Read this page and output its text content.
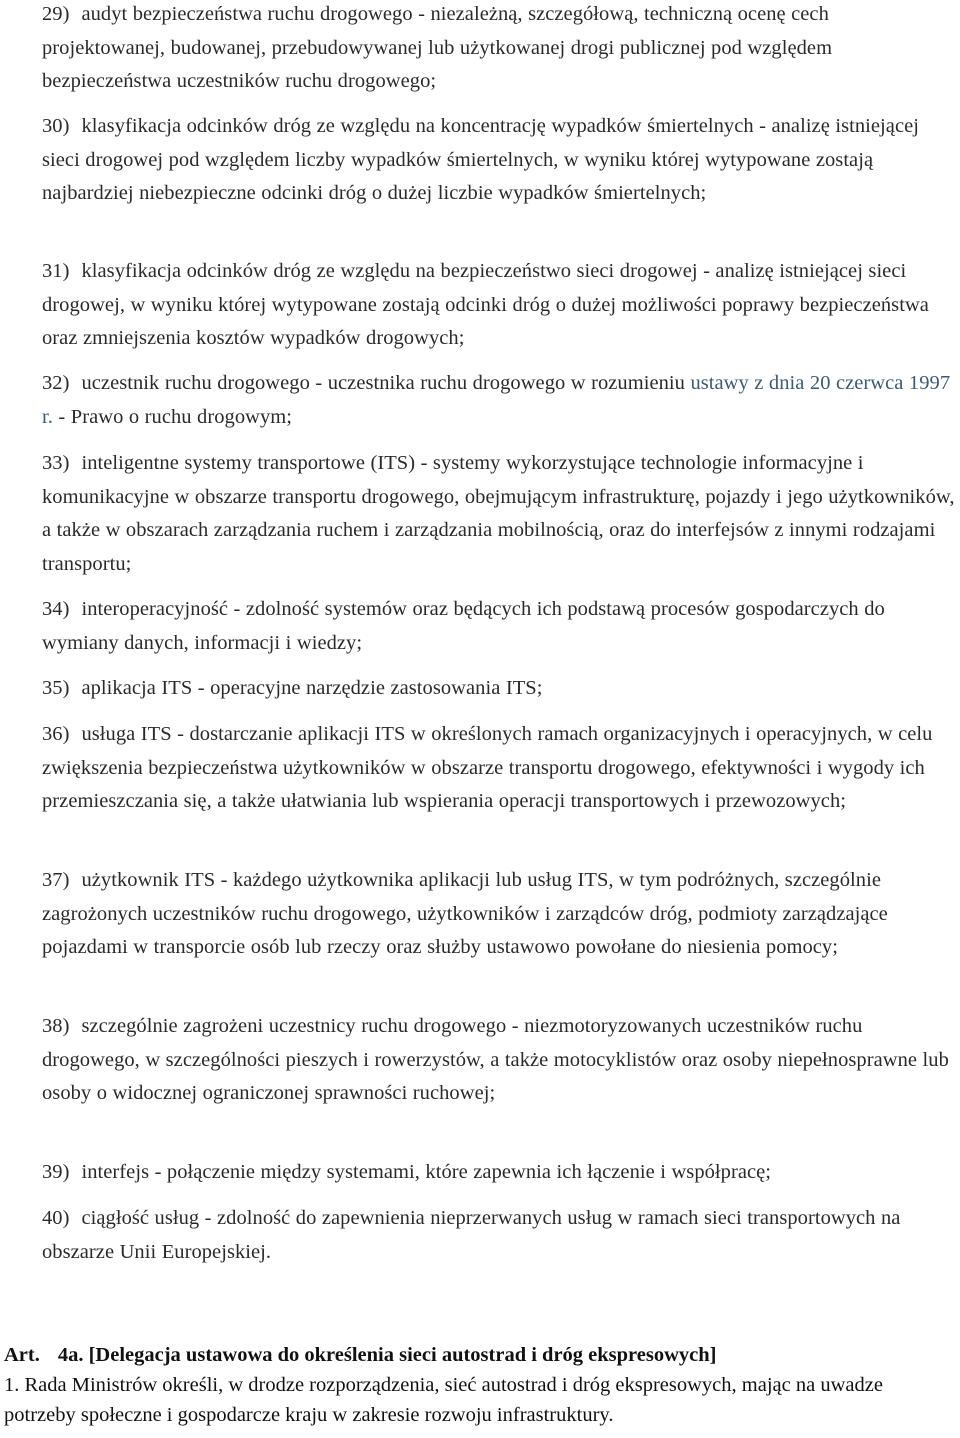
29) audyt bezpieczeństwa ruchu drogowego - niezależną, szczegółową, techniczną ocenę cech projektowanej, budowanej, przebudowywanej lub użytkowanej drogi publicznej pod względem bezpieczeństwa uczestników ruchu drogowego;
30) klasyfikacja odcinków dróg ze względu na koncentrację wypadków śmiertelnych - analizę istniejącej sieci drogowej pod względem liczby wypadków śmiertelnych, w wyniku której wytypowane zostają najbardziej niebezpieczne odcinki dróg o dużej liczbie wypadków śmiertelnych;
31) klasyfikacja odcinków dróg ze względu na bezpieczeństwo sieci drogowej - analizę istniejącej sieci drogowej, w wyniku której wytypowane zostają odcinki dróg o dużej możliwości poprawy bezpieczeństwa oraz zmniejszenia kosztów wypadków drogowych;
32) uczestnik ruchu drogowego - uczestnika ruchu drogowego w rozumieniu ustawy z dnia 20 czerwca 1997 r. - Prawo o ruchu drogowym;
33) inteligentne systemy transportowe (ITS) - systemy wykorzystujące technologie informacyjne i komunikacyjne w obszarze transportu drogowego, obejmującym infrastrukturę, pojazdy i jego użytkowników, a także w obszarach zarządzania ruchem i zarządzania mobilnością, oraz do interfejsów z innymi rodzajami transportu;
34) interoperacyjność - zdolność systemów oraz będących ich podstawą procesów gospodarczych do wymiany danych, informacji i wiedzy;
35) aplikacja ITS - operacyjne narzędzie zastosowania ITS;
36) usługa ITS - dostarczanie aplikacji ITS w określonych ramach organizacyjnych i operacyjnych, w celu zwiększenia bezpieczeństwa użytkowników w obszarze transportu drogowego, efektywności i wygody ich przemieszczania się, a także ułatwiania lub wspierania operacji transportowych i przewozowych;
37) użytkownik ITS - każdego użytkownika aplikacji lub usług ITS, w tym podróżnych, szczególnie zagrożonych uczestników ruchu drogowego, użytkowników i zarządców dróg, podmioty zarządzające pojazdami w transporcie osób lub rzeczy oraz służby ustawowo powołane do niesienia pomocy;
38) szczególnie zagrożeni uczestnicy ruchu drogowego - niezmotoryzowanych uczestników ruchu drogowego, w szczególności pieszych i rowerzystów, a także motocyklistów oraz osoby niepełnosprawne lub osoby o widocznej ograniczonej sprawności ruchowej;
39) interfejs - połączenie między systemami, które zapewnia ich łączenie i współpracę;
40) ciągłość usług - zdolność do zapewnienia nieprzerwanych usług w ramach sieci transportowych na obszarze Unii Europejskiej.
Art. 4a. [Delegacja ustawowa do określenia sieci autostrad i dróg ekspresowych]
1. Rada Ministrów określi, w drodze rozporządzenia, sieć autostrad i dróg ekspresowych, mając na uwadze potrzeby społeczne i gospodarcze kraju w zakresie rozwoju infrastruktury.
